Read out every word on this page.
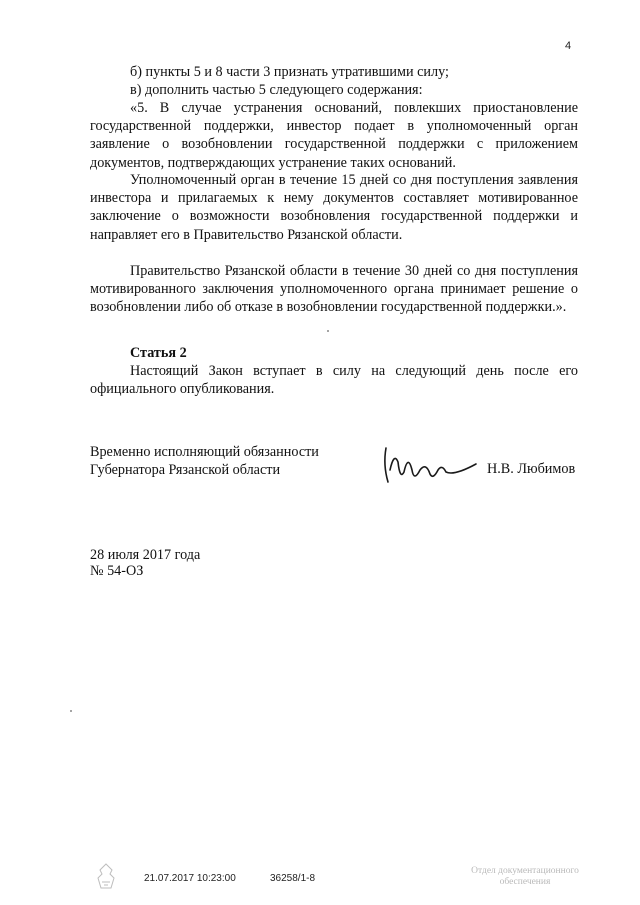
4

б) пункты 5 и 8 части 3 признать утратившими силу;

в) дополнить частью 5 следующего содержания:

«5. В случае устранения оснований, повлекших приостановление государственной поддержки, инвестор подает в уполномоченный орган заявление о возобновлении государственной поддержки с приложением документов, подтверждающих устранение таких оснований.

Уполномоченный орган в течение 15 дней со дня поступления заявления инвестора и прилагаемых к нему документов составляет мотивированное заключение о возможности возобновления государственной поддержки и направляет его в Правительство Рязанской области.

Правительство Рязанской области в течение 30 дней со дня поступления мотивированного заключения уполномоченного органа принимает решение о возобновлении либо об отказе в возобновлении государственной поддержки.».

Статья 2

Настоящий Закон вступает в силу на следующий день после его официального опубликования.

Временно исполняющий обязанности
Губернатора Рязанской области	Н.В. Любимов
28 июля 2017 года
№ 54-ОЗ
21.07.2017 10:23:00	36258/1-8
Отдел документационного
обеспечения
